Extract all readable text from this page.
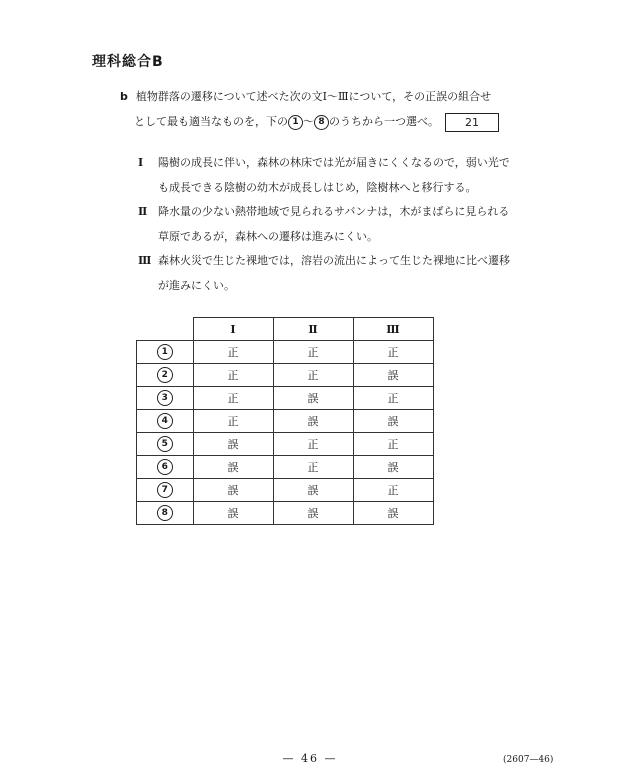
理科総合B
b 植物群落の遷移について述べた次の文Ⅰ～Ⅲについて，その正誤の組合せ
として最も適当なものを，下の 1 ～ 8 のうちから一つ選べ。 21
Ⅰ 陽樹の成長に伴い，森林の林床では光が届きにくくなるので，弱い光で
も成長できる陰樹の幼木が成長しはじめ，陰樹林へと移行する。
Ⅱ 降水量の少ない熱帯地域で見られるサバンナは，木がまばらに見られる
草原であるが，森林への遷移は進みにくい。
Ⅲ 森林火災で生じた裸地では，溶岩の流出によって生じた裸地に比べ遷移
が進みにくい。
	Ⅰ	Ⅱ	Ⅲ
1	正	正	正
2	正	正	誤
3	正	誤	正
4	正	誤	誤
5	誤	正	正
6	誤	正	誤
7	誤	誤	正
8	誤	誤	誤
— 46 —	(2607—46)
